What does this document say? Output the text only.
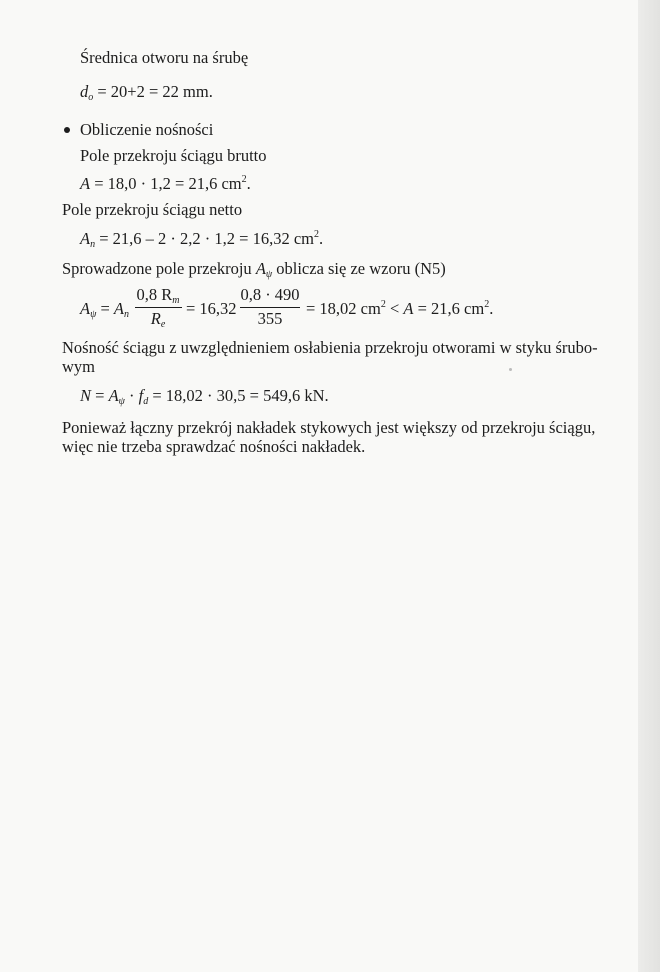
Średnica otworu na śrubę
$d_o = 20+2 = 22$ mm.
Obliczenie nośności
Pole przekroju ściągu brutto
A = 18,0 · 1,2 = 21,6 $cm^2$.
Pole przekroju ściągu netto
$A_n = 21,6 - 2 \cdot 2,2 \cdot 1,2 = 16,32$ $cm^2$.
Sprowadzone pole przekroju $A_\psi$ oblicza się ze wzoru (N5)
$A_\psi = A_n$
0,8 $R_m$
$R_e$
= 16,32
0,8 · 490
355
= 18,02 $cm^2 < A = 21,6$ $cm^2$.
Nośność ściągu z uwzględnieniem osłabienia przekroju otworami w styku śrubo-
wym
$N = A_\psi \cdot f_d = 18,02 \cdot 30,5 = 549,6$ kN.
Ponieważ łączny przekrój nakładek stykowych jest większy od przekroju ściągu,
więc nie trzeba sprawdzać nośności nakładek.
